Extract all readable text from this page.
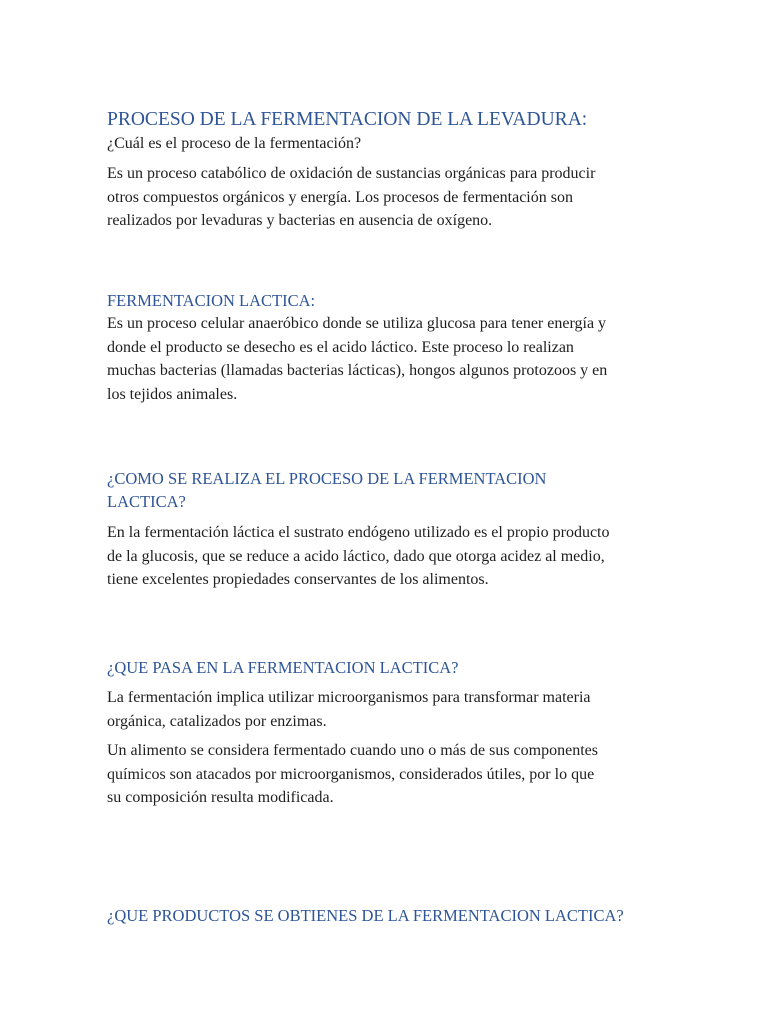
PROCESO DE LA FERMENTACION DE LA LEVADURA:

¿Cuál es el proceso de la fermentación?

Es un proceso catabólico de oxidación de sustancias orgánicas para producir
otros compuestos orgánicos y energía. Los procesos de fermentación son
realizados por levaduras y bacterias en ausencia de oxígeno.

FERMENTACION LACTICA:

Es un proceso celular anaeróbico donde se utiliza glucosa para tener energía y
donde el producto se desecho es el acido láctico. Este proceso lo realizan
muchas bacterias (llamadas bacterias lácticas), hongos algunos protozoos y en
los tejidos animales.

¿COMO SE REALIZA EL PROCESO DE LA FERMENTACION
LACTICA?

En la fermentación láctica el sustrato endógeno utilizado es el propio producto
de la glucosis, que se reduce a acido láctico, dado que otorga acidez al medio,
tiene excelentes propiedades conservantes de los alimentos.

¿QUE PASA EN LA FERMENTACION LACTICA?

La fermentación implica utilizar microorganismos para transformar materia
orgánica, catalizados por enzimas.

Un alimento se considera fermentado cuando uno o más de sus componentes
químicos son atacados por microorganismos, considerados útiles, por lo que
su composición resulta modificada.

¿QUE PRODUCTOS SE OBTIENES DE LA FERMENTACION LACTICA?
